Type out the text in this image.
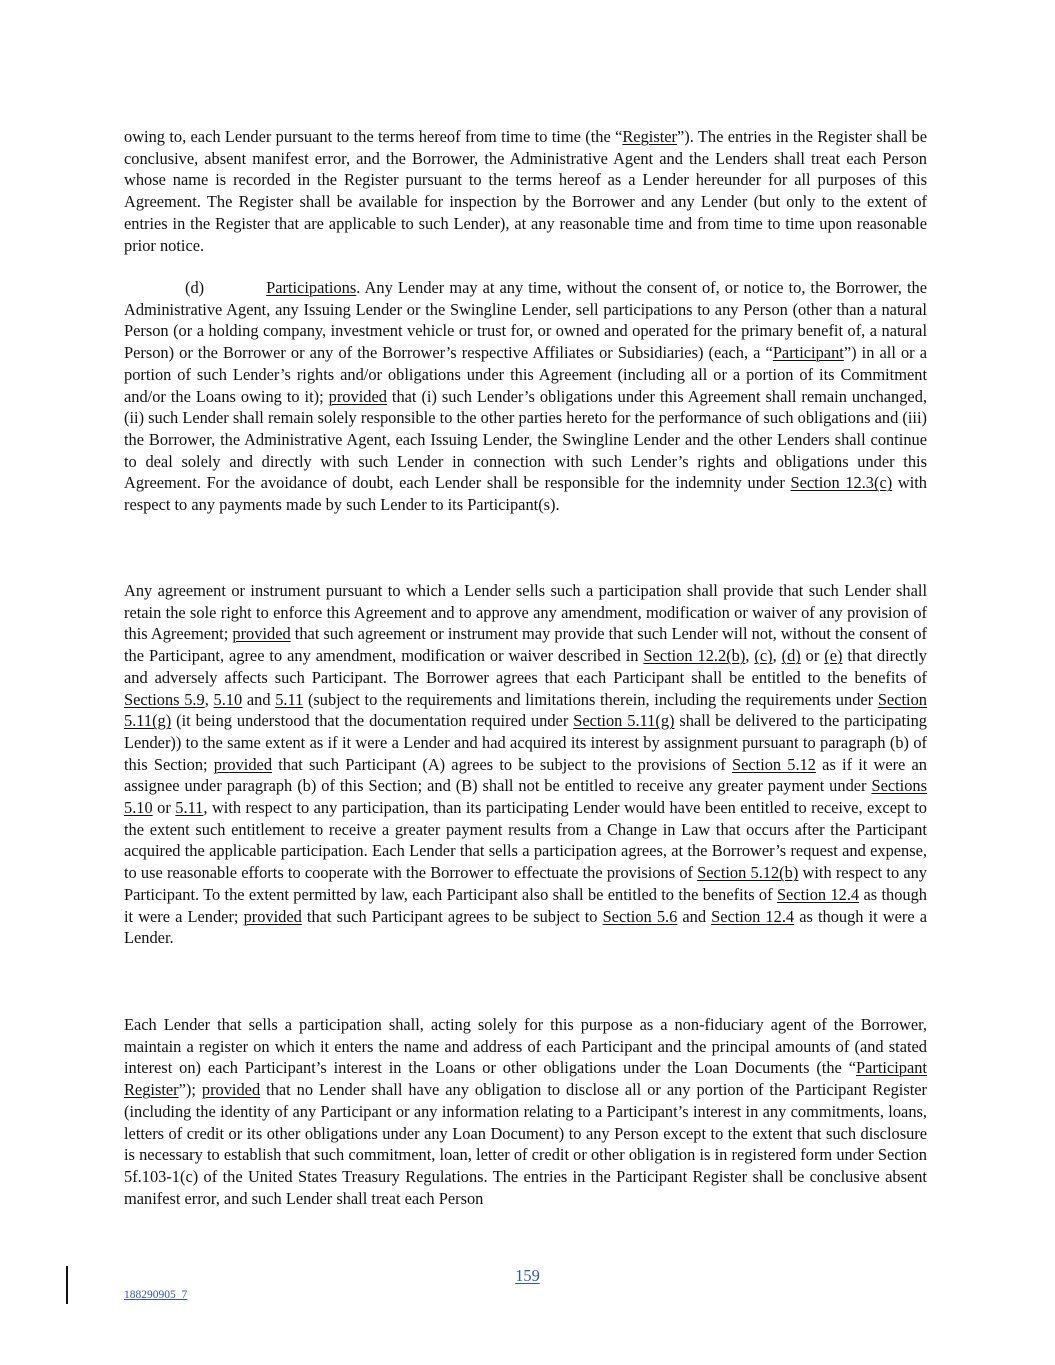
owing to, each Lender pursuant to the terms hereof from time to time (the “Register”). The entries in the Register shall be conclusive, absent manifest error, and the Borrower, the Administrative Agent and the Lenders shall treat each Person whose name is recorded in the Register pursuant to the terms hereof as a Lender hereunder for all purposes of this Agreement. The Register shall be available for inspection by the Borrower and any Lender (but only to the extent of entries in the Register that are applicable to such Lender), at any reasonable time and from time to time upon reasonable prior notice.

(d)	Participations. Any Lender may at any time, without the consent of, or notice to, the Borrower, the Administrative Agent, any Issuing Lender or the Swingline Lender, sell participations to any Person (other than a natural Person (or a holding company, investment vehicle or trust for, or owned and operated for the primary benefit of, a natural Person) or the Borrower or any of the Borrower’s respective Affiliates or Subsidiaries) (each, a “Participant”) in all or a portion of such Lender’s rights and/or obligations under this Agreement (including all or a portion of its Commitment and/or the Loans owing to it); provided that (i) such Lender’s obligations under this Agreement shall remain unchanged, (ii) such Lender shall remain solely responsible to the other parties hereto for the performance of such obligations and (iii) the Borrower, the Administrative Agent, each Issuing Lender, the Swingline Lender and the other Lenders shall continue to deal solely and directly with such Lender in connection with such Lender’s rights and obligations under this Agreement. For the avoidance of doubt, each Lender shall be responsible for the indemnity under Section 12.3(c) with respect to any payments made by such Lender to its Participant(s).

Any agreement or instrument pursuant to which a Lender sells such a participation shall provide that such Lender shall retain the sole right to enforce this Agreement and to approve any amendment, modification or waiver of any provision of this Agreement; provided that such agreement or instrument may provide that such Lender will not, without the consent of the Participant, agree to any amendment, modification or waiver described in Section 12.2(b), (c), (d) or (e) that directly and adversely affects such Participant. The Borrower agrees that each Participant shall be entitled to the benefits of Sections 5.9, 5.10 and 5.11 (subject to the requirements and limitations therein, including the requirements under Section 5.11(g) (it being understood that the documentation required under Section 5.11(g) shall be delivered to the participating Lender)) to the same extent as if it were a Lender and had acquired its interest by assignment pursuant to paragraph (b) of this Section; provided that such Participant (A) agrees to be subject to the provisions of Section 5.12 as if it were an assignee under paragraph (b) of this Section; and (B) shall not be entitled to receive any greater payment under Sections 5.10 or 5.11, with respect to any participation, than its participating Lender would have been entitled to receive, except to the extent such entitlement to receive a greater payment results from a Change in Law that occurs after the Participant acquired the applicable participation. Each Lender that sells a participation agrees, at the Borrower’s request and expense, to use reasonable efforts to cooperate with the Borrower to effectuate the provisions of Section 5.12(b) with respect to any Participant. To the extent permitted by law, each Participant also shall be entitled to the benefits of Section 12.4 as though it were a Lender; provided that such Participant agrees to be subject to Section 5.6 and Section 12.4 as though it were a Lender.

Each Lender that sells a participation shall, acting solely for this purpose as a non-fiduciary agent of the Borrower, maintain a register on which it enters the name and address of each Participant and the principal amounts of (and stated interest on) each Participant’s interest in the Loans or other obligations under the Loan Documents (the “Participant Register”); provided that no Lender shall have any obligation to disclose all or any portion of the Participant Register (including the identity of any Participant or any information relating to a Participant’s interest in any commitments, loans, letters of credit or its other obligations under any Loan Document) to any Person except to the extent that such disclosure is necessary to establish that such commitment, loan, letter of credit or other obligation is in registered form under Section 5f.103-1(c) of the United States Treasury Regulations. The entries in the Participant Register shall be conclusive absent manifest error, and such Lender shall treat each Person

159
188290905_7
